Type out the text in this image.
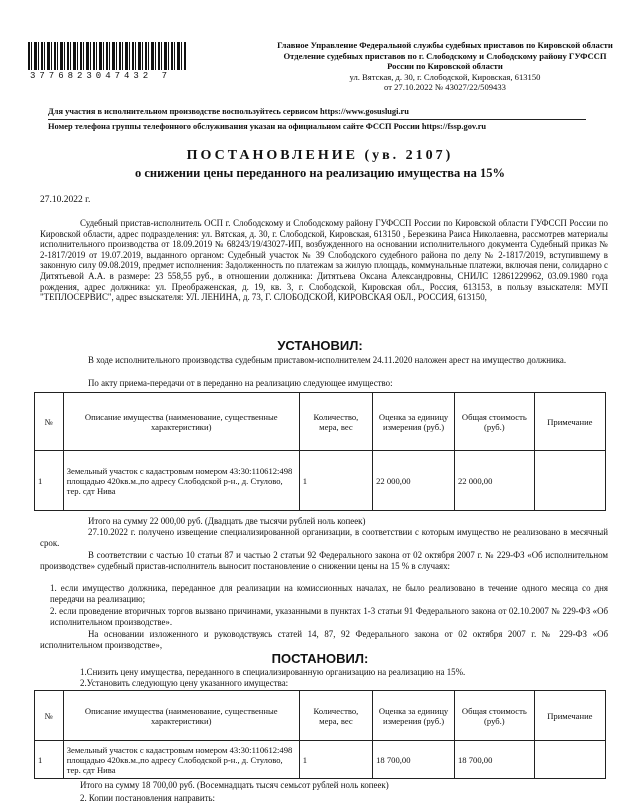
3776823047432 7
Главное Управление Федеральной службы судебных приставов по Кировской области
Отделение судебных приставов по г. Слободскому и Слободскому району ГУФССП России по Кировской области
ул. Вятская, д. 30, г. Слободской, Кировская, 613150
от 27.10.2022 № 43027/22/509433
Для участия в исполнительном производстве воспользуйтесь сервисом https://www.gosuslugi.ru
Номер телефона группы телефонного обслуживания указан на официальном сайте ФССП России https://fssp.gov.ru
ПОСТАНОВЛЕНИЕ (ув. 2107)
о снижении цены переданного на реализацию имущества на 15%
27.10.2022 г.
Судебный пристав-исполнитель ОСП г. Слободскому и Слободскому району ГУФССП России по Кировской области ГУФССП России по Кировской области, адрес подразделения: ул. Вятская, д. 30, г. Слободской, Кировская, 613150 , Березкина Раиса Николаевна, рассмотрев материалы исполнительного производства от 18.09.2019 № 68243/19/43027-ИП, возбужденного на основании исполнительного документа Судебный приказ № 2-1817/2019 от 19.07.2019, выданного органом: Судебный участок № 39 Слободского судебного района по делу № 2-1817/2019, вступившему в законную силу 09.08.2019, предмет исполнения: Задолженность по платежам за жилую площадь, коммунальные платежи, включая пени, солидарно с Дитятьевой А.А. в размере: 23 558,55 руб., в отношении должника: Дитятьева Оксана Александровны, СНИЛС 12861229962, 03.09.1980 года рождения, адрес должника: ул. Преображенская, д. 19, кв. 3, г. Слободской, Кировская обл., Россия, 613153, в пользу взыскателя: МУП "ТЕПЛОСЕРВИС", адрес взыскателя: УЛ. ЛЕНИНА, д. 73, Г. СЛОБОДСКОЙ, КИРОВСКАЯ ОБЛ., РОССИЯ, 613150,
УСТАНОВИЛ:
В ходе исполнительного производства судебным приставом-исполнителем 24.11.2020 наложен арест на имущество должника.
По акту приема-передачи от в переданно на реализацию следующее имущество:
№	Описание имущества (наименование, существенные характеристики)	Количество, мера, вес	Оценка за единицу измерения (руб.)	Общая стоимость (руб.)	Примечание
1	Земельный участок с кадастровым номером 43:30:110612:498 площадью 420кв.м.,по адресу Слободской р-н., д. Стулово, тер. сдт Нива	1	22 000,00	22 000,00	
Итого на сумму 22 000,00 руб. (Двадцать две тысячи рублей ноль копеек)
27.10.2022 г. получено извещение специализированной организации, в соответствии с которым имущество не реализовано в месячный срок.
В соответствии с частью 10 статьи 87 и частью 2 статьи 92 Федерального закона от 02 октября 2007 г. № 229-ФЗ «Об исполнительном производстве» судебный пристав-исполнитель выносит постановление о снижении цены на 15 % в случаях:
1. если имущество должника, переданное для реализации на комиссионных началах, не было реализовано в течение одного месяца со дня передачи на реализацию;
2. если проведение вторичных торгов вызвано причинами, указанными в пунктах 1-3 статьи 91 Федерального закона от 02.10.2007 № 229-ФЗ «Об исполнительном производстве».
На основании изложенного и руководствуясь статей 14, 87, 92 Федерального закона от 02 октября 2007 г. № 229-ФЗ «Об исполнительном производстве»,
ПОСТАНОВИЛ:
1.Снизить цену имущества, переданного в специализированную организацию на реализацию на 15%.
2.Установить следующую цену указанного имущества:
№	Описание имущества (наименование, существенные характеристики)	Количество, мера, вес	Оценка за единицу измерения (руб.)	Общая стоимость (руб.)	Примечание
1	Земельный участок с кадастровым номером 43:30:110612:498 площадью 420кв.м.,по адресу Слободской р-н., д. Стулово, тер. сдт Нива	1	18 700,00	18 700,00	
Итого на сумму 18 700,00 руб. (Восемнадцать тысяч семьсот рублей ноль копеек)
2. Копии постановления направить:
